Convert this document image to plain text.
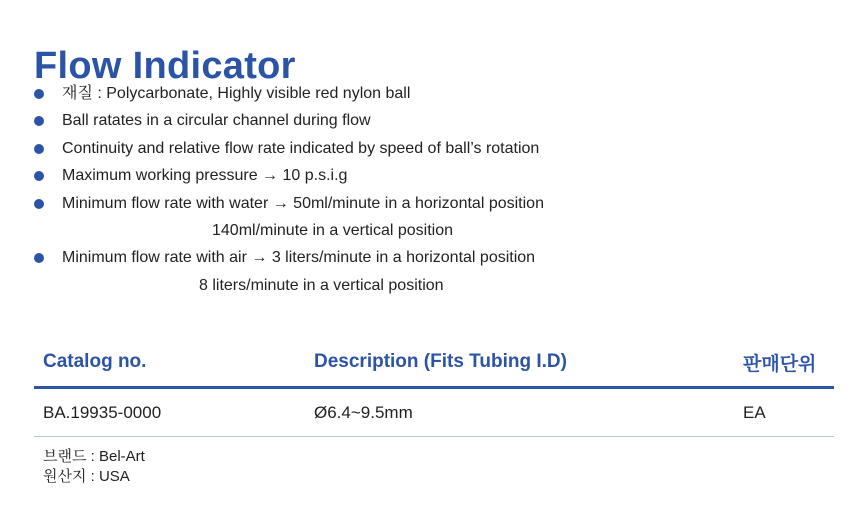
Flow Indicator
재질 : Polycarbonate, Highly visible red nylon ball
Ball ratates in a circular channel during flow
Continuity and relative flow rate indicated by speed of ball’s rotation
Maximum working pressure → 10 p.s.i.g
Minimum flow rate with water → 50ml/minute in a horizontal position
140ml/minute in a vertical position
Minimum flow rate with air → 3 liters/minute in a horizontal position
8 liters/minute in a vertical position
Catalog no.	Description (Fits Tubing I.D)	판매단위
BA.19935-0000	Ø6.4~9.5mm	EA
브랜드 : Bel-Art
원산지 : USA
